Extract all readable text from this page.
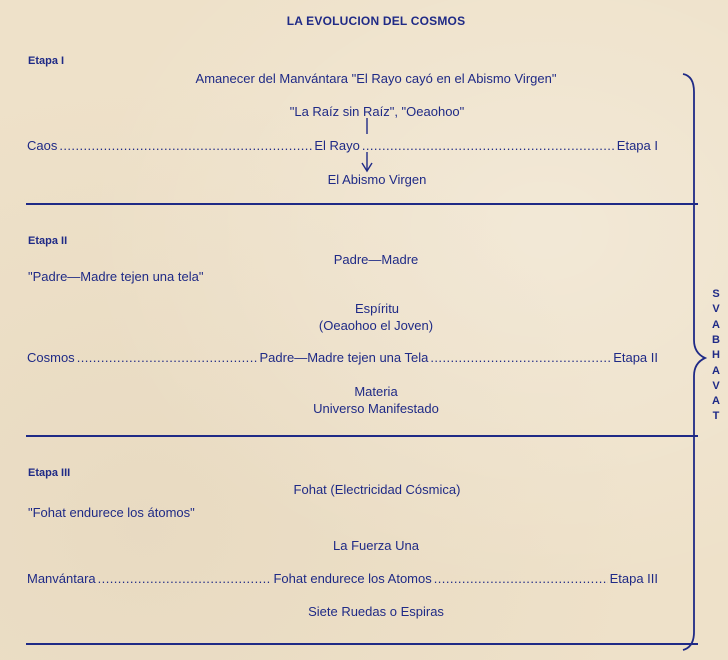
LA EVOLUCION DEL COSMOS
Etapa I
Amanecer del Manvántara "El Rayo cayó en el Abismo Virgen"
"La Raíz sin Raíz", "Oeaohoo"
Caos . . .	El Rayo . . .	Etapa I
El Abismo Virgen
Etapa II
Padre—Madre
"Padre—Madre tejen una tela"
Espíritu
(Oeaohoo el Joven)
Cosmos . . .	Padre—Madre tejen una Tela . . .	Etapa II
Materia
Universo Manifestado
Etapa III
Fohat (Electricidad Cósmica)
"Fohat endurece los átomos"
La Fuerza Una
Manvántara . . .	Fohat endurece los Atomos . . .	Etapa III
Siete Ruedas o Espiras
S
V
A
B
H
A
V
A
T
